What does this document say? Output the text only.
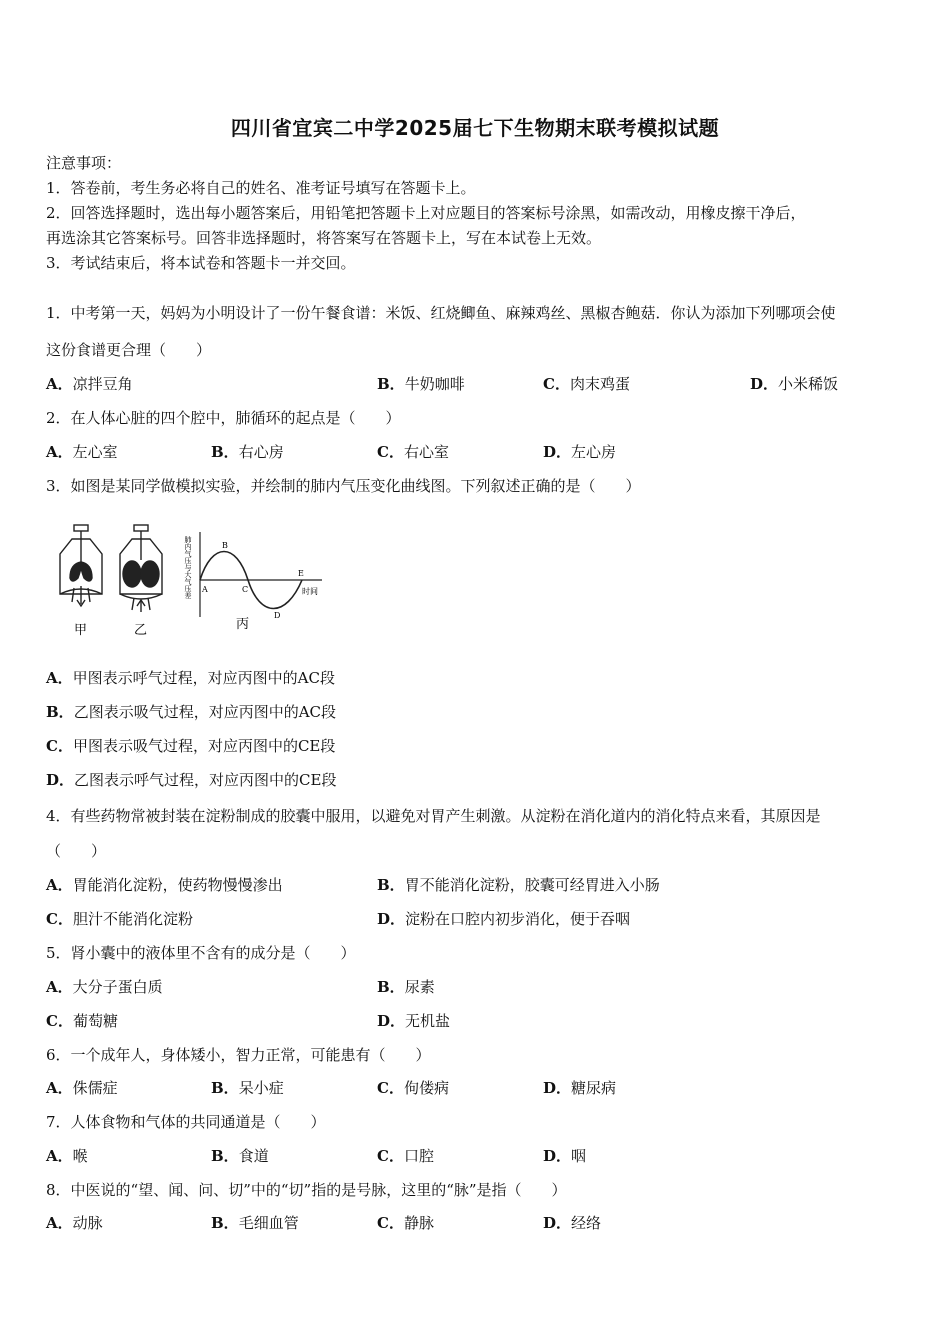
四川省宜宾二中学2025届七下生物期末联考模拟试题
注意事项：
1．答卷前，考生务必将自己的姓名、准考证号填写在答题卡上。
2．回答选择题时，选出每小题答案后，用铅笔把答题卡上对应题目的答案标号涂黑，如需改动，用橡皮擦干净后，
再选涂其它答案标号。回答非选择题时，将答案写在答题卡上，写在本试卷上无效。
3．考试结束后，将本试卷和答题卡一并交回。
1．中考第一天，妈妈为小明设计了一份午餐食谱：米饭、红烧鲫鱼、麻辣鸡丝、黑椒杏鲍菇．你认为添加下列哪项会使
这份食谱更合理（　　）
A．凉拌豆角	B．牛奶咖啡	C．肉末鸡蛋	D．小米稀饭
2．在人体心脏的四个腔中，肺循环的起点是（　　）
A．左心室	B．右心房	C．右心室	D．左心房
3．如图是某同学做模拟实验，并绘制的肺内气压变化曲线图。下列叙述正确的是（　　）
肺内气压与大气压差 A
B
C
D
E
时间
甲	乙	丙
A．甲图表示呼气过程，对应丙图中的AC段
B．乙图表示吸气过程，对应丙图中的AC段
C．甲图表示吸气过程，对应丙图中的CE段
D．乙图表示呼气过程，对应丙图中的CE段
4．有些药物常被封装在淀粉制成的胶囊中服用，以避免对胃产生刺激。从淀粉在消化道内的消化特点来看，其原因是
（　　）
A．胃能消化淀粉，使药物慢慢渗出	B．胃不能消化淀粉，胶囊可经胃进入小肠
C．胆汁不能消化淀粉	D．淀粉在口腔内初步消化，便于吞咽
5．肾小囊中的液体里不含有的成分是（　　）
A．大分子蛋白质	B．尿素
C．葡萄糖	D．无机盐
6．一个成年人，身体矮小，智力正常，可能患有（　　）
A．侏儒症	B．呆小症	C．佝偻病	D．糖尿病
7．人体食物和气体的共同通道是（　　）
A．喉	B．食道	C．口腔	D．咽
8．中医说的“望、闻、问、切”中的“切”指的是号脉，这里的“脉”是指（　　）
A．动脉	B．毛细血管	C．静脉	D．经络
